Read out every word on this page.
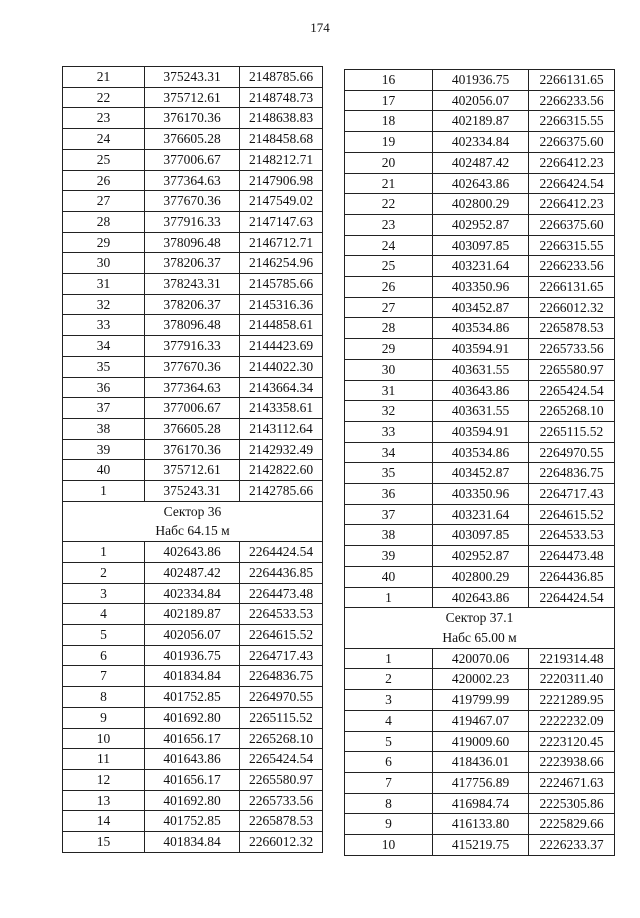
174
21	375243.31	2148785.66
22	375712.61	2148748.73
23	376170.36	2148638.83
24	376605.28	2148458.68
25	377006.67	2148212.71
26	377364.63	2147906.98
27	377670.36	2147549.02
28	377916.33	2147147.63
29	378096.48	2146712.71
30	378206.37	2146254.96
31	378243.31	2145785.66
32	378206.37	2145316.36
33	378096.48	2144858.61
34	377916.33	2144423.69
35	377670.36	2144022.30
36	377364.63	2143664.34
37	377006.67	2143358.61
38	376605.28	2143112.64
39	376170.36	2142932.49
40	375712.61	2142822.60
1	375243.31	2142785.66
Сектор 36		
Набс 64.15 м		
1	402643.86	2264424.54
2	402487.42	2264436.85
3	402334.84	2264473.48
4	402189.87	2264533.53
5	402056.07	2264615.52
6	401936.75	2264717.43
7	401834.84	2264836.75
8	401752.85	2264970.55
9	401692.80	2265115.52
10	401656.17	2265268.10
11	401643.86	2265424.54
12	401656.17	2265580.97
13	401692.80	2265733.56
14	401752.85	2265878.53
15	401834.84	2266012.32
16	401936.75	2266131.65
17	402056.07	2266233.56
18	402189.87	2266315.55
19	402334.84	2266375.60
20	402487.42	2266412.23
21	402643.86	2266424.54
22	402800.29	2266412.23
23	402952.87	2266375.60
24	403097.85	2266315.55
25	403231.64	2266233.56
26	403350.96	2266131.65
27	403452.87	2266012.32
28	403534.86	2265878.53
29	403594.91	2265733.56
30	403631.55	2265580.97
31	403643.86	2265424.54
32	403631.55	2265268.10
33	403594.91	2265115.52
34	403534.86	2264970.55
35	403452.87	2264836.75
36	403350.96	2264717.43
37	403231.64	2264615.52
38	403097.85	2264533.53
39	402952.87	2264473.48
40	402800.29	2264436.85
1	402643.86	2264424.54
Сектор 37.1		
Набс 65.00 м		
1	420070.06	2219314.48
2	420002.23	2220311.40
3	419799.99	2221289.95
4	419467.07	2222232.09
5	419009.60	2223120.45
6	418436.01	2223938.66
7	417756.89	2224671.63
8	416984.74	2225305.86
9	416133.80	2225829.66
10	415219.75	2226233.37
